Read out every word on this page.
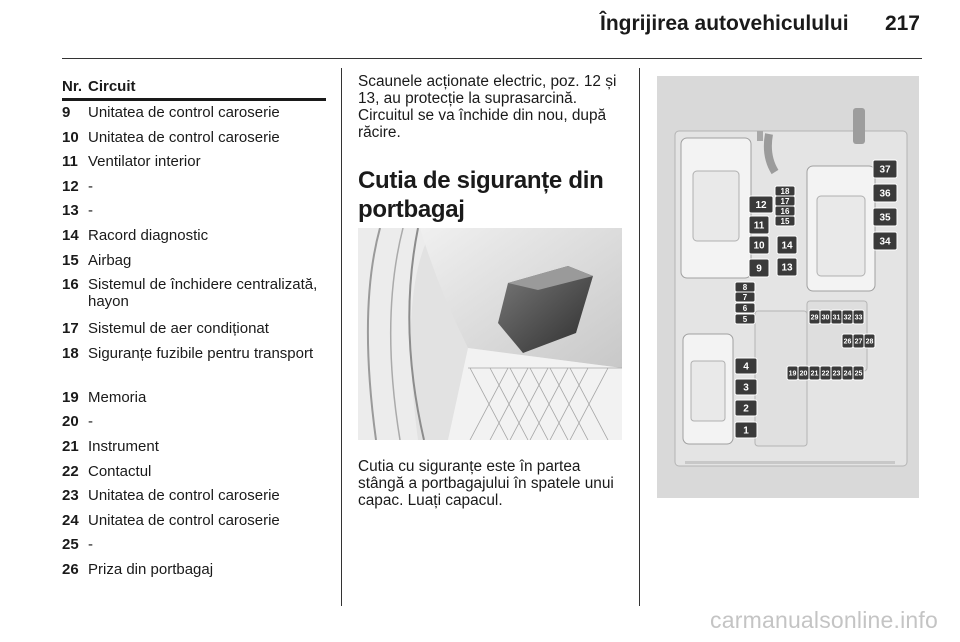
Îngrijirea autovehiculului 217
Nr. Circuit
9	Unitatea de control caroserie
10 Unitatea de control caroserie
11 Ventilator interior
12 -
13 -
14 Racord diagnostic
15 Airbag
16 Sistemul de închidere centralizată, hayon
17 Sistemul de aer condiționat
18 Siguranțe fuzibile pentru transport
19 Memoria
20 -
21 Instrument
22 Contactul
23 Unitatea de control caroserie
24 Unitatea de control caroserie
25 -
26 Priza din portbagaj
Scaunele acționate electric, poz. 12 și 13, au protecție la suprasarcină. Circuitul se va închide din nou, după răcire.
Cutia de siguranțe din portbagaj
Cutia cu siguranțe este în partea stângă a portbagajului în spatele unui capac. Luați capacul.
12
11
10
9
8
7
6
5
4
3
2
1
14
13
18
17
16
15
37
36
35
34
29 30 31 32 33
26 27 28
19 20 21 22 23 24 25
carmanualsonline.info
